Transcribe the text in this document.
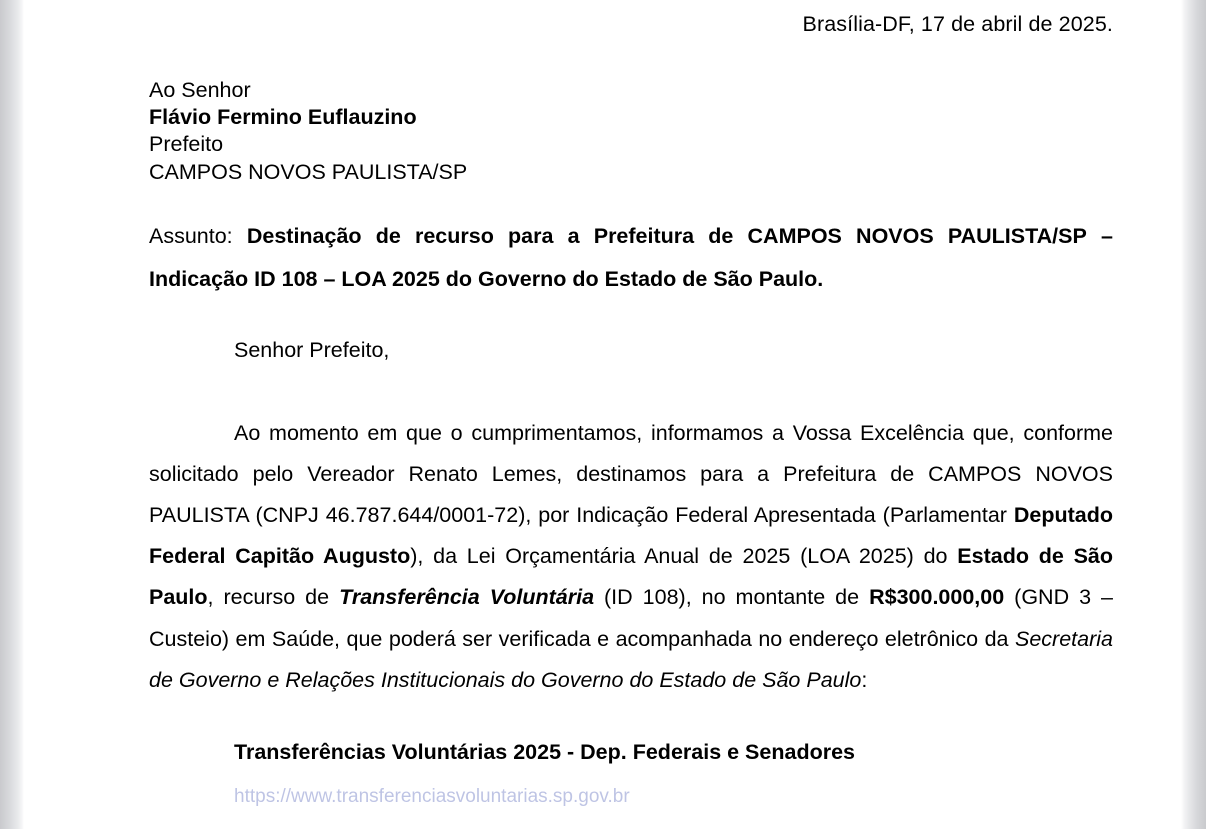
Brasília-DF, 17 de abril de 2025.
Ao Senhor
Flávio Fermino Euflauzino
Prefeito
CAMPOS NOVOS PAULISTA/SP
Assunto: Destinação de recurso para a Prefeitura de CAMPOS NOVOS PAULISTA/SP – Indicação ID 108 – LOA 2025 do Governo do Estado de São Paulo.
Senhor Prefeito,
Ao momento em que o cumprimentamos, informamos a Vossa Excelência que, conforme solicitado pelo Vereador Renato Lemes, destinamos para a Prefeitura de CAMPOS NOVOS PAULISTA (CNPJ 46.787.644/0001-72), por Indicação Federal Apresentada (Parlamentar Deputado Federal Capitão Augusto), da Lei Orçamentária Anual de 2025 (LOA 2025) do Estado de São Paulo, recurso de Transferência Voluntária (ID 108), no montante de R$300.000,00 (GND 3 – Custeio) em Saúde, que poderá ser verificada e acompanhada no endereço eletrônico da Secretaria de Governo e Relações Institucionais do Governo do Estado de São Paulo:
Transferências Voluntárias 2025 - Dep. Federais e Senadores
https://www.transferenciasvoluntarias.sp.gov.br
